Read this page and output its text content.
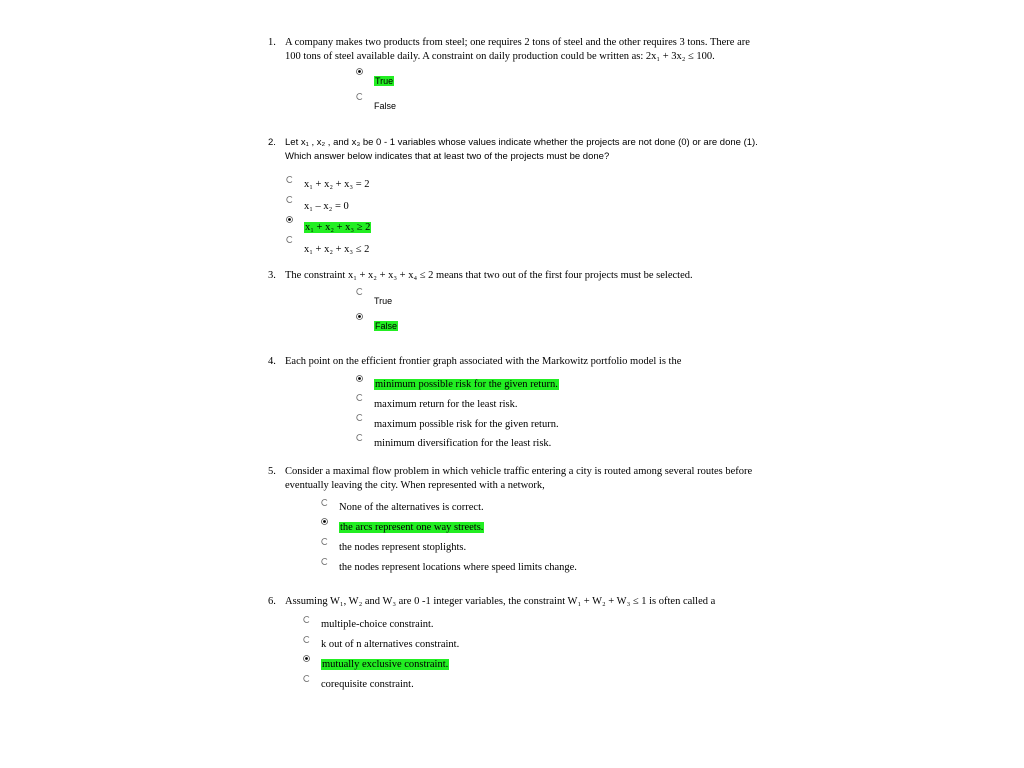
1. A company makes two products from steel; one requires 2 tons of steel and the other requires 3 tons. There are
100 tons of steel available daily. A constraint on daily production could be written as: 2x₁ + 3x₂ ≤ 100.
True
False
2. Let x₁ , x₂ , and x₃ be 0 - 1 variables whose values indicate whether the projects are not done (0) or are done (1).
Which answer below indicates that at least two of the projects must be done?
x₁ + x₂ + x₃ = 2
x₁ – x₂ = 0
x₁ + x₂ + x₃ ≥ 2
x₁ + x₂ + x₃ ≤ 2
3. The constraint x₁ + x₂ + x₃ + x₄ ≤ 2 means that two out of the first four projects must be selected.
True
False
4. Each point on the efficient frontier graph associated with the Markowitz portfolio model is the
minimum possible risk for the given return.
maximum return for the least risk.
maximum possible risk for the given return.
minimum diversification for the least risk.
5. Consider a maximal flow problem in which vehicle traffic entering a city is routed among several routes before
eventually leaving the city. When represented with a network,
None of the alternatives is correct.
the arcs represent one way streets.
the nodes represent stoplights.
the nodes represent locations where speed limits change.
6. Assuming W₁, W₂ and W₃ are 0 -1 integer variables, the constraint W₁ + W₂ + W₃ ≤ 1 is often called a
multiple-choice constraint.
k out of n alternatives constraint.
mutually exclusive constraint.
corequisite constraint.
